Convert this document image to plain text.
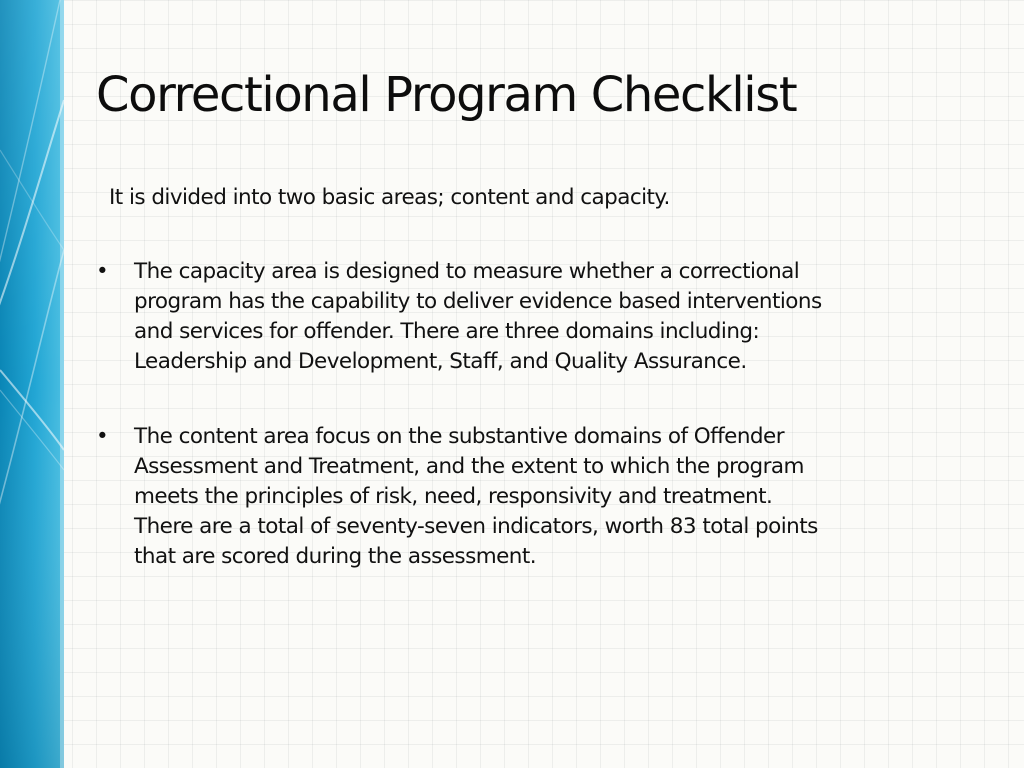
Correctional Program Checklist

It is divided into two basic areas; content and capacity.

• The capacity area is designed to measure whether a correctional
program has the capability to deliver evidence based interventions
and services for offender. There are three domains including:
Leadership and Development, Staff, and Quality Assurance.
• The content area focus on the substantive domains of Offender
Assessment and Treatment, and the extent to which the program
meets the principles of risk, need, responsivity and treatment.
There are a total of seventy-seven indicators, worth 83 total points
that are scored during the assessment.
